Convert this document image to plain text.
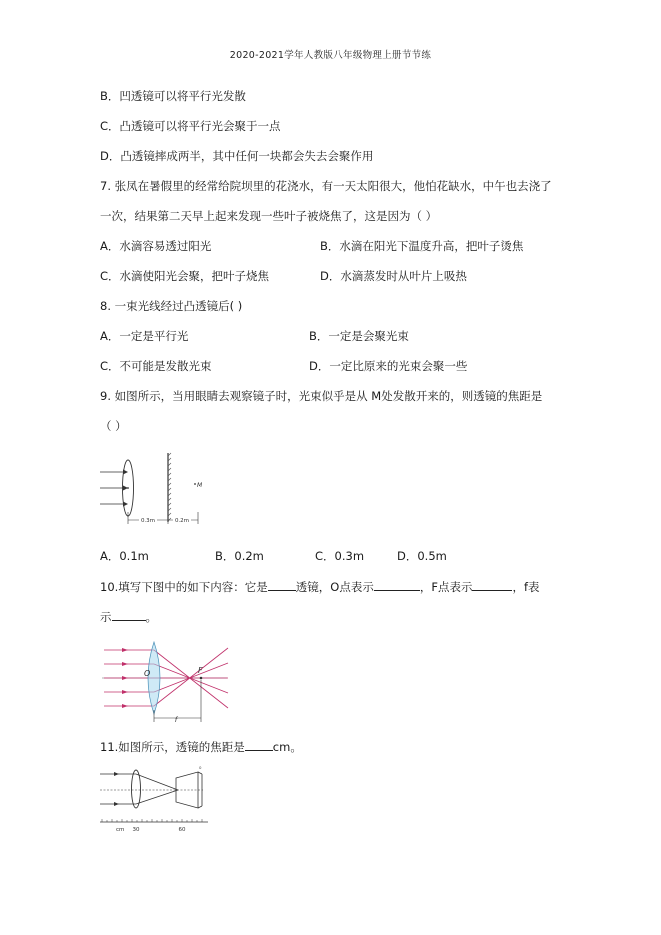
2020-2021学年人教版八年级物理上册节节练
B．凹透镜可以将平行光发散
C．凸透镜可以将平行光会聚于一点
D．凸透镜摔成两半，其中任何一块都会失去会聚作用
7. 张凤在暑假里的经常给院坝里的花浇水，有一天太阳很大，他怕花缺水，中午也去浇了
一次，结果第二天早上起来发现一些叶子被烧焦了，这是因为（ ）
A．水滴容易透过阳光	B．水滴在阳光下温度升高，把叶子烫焦
C．水滴使阳光会聚，把叶子烧焦	D．水滴蒸发时从叶片上吸热
8. 一束光线经过凸透镜后( )
A．一定是平行光	B．一定是会聚光束
C．不可能是发散光束	D．一定比原来的光束会聚一些
9. 如图所示，当用眼睛去观察镜子时，光束似乎是从 M处发散开来的，则透镜的焦距是
（ ）
M
0.3m	0.2m
A．0.1m	B．0.2m	C．0.3m	D．0.5m
10.填写下图中的如下内容：它是 透镜，O点表示	，F点表示	，f表
示	。
O	F
f
11.如图所示，透镜的焦距是 cm。
o
cm 30	60
